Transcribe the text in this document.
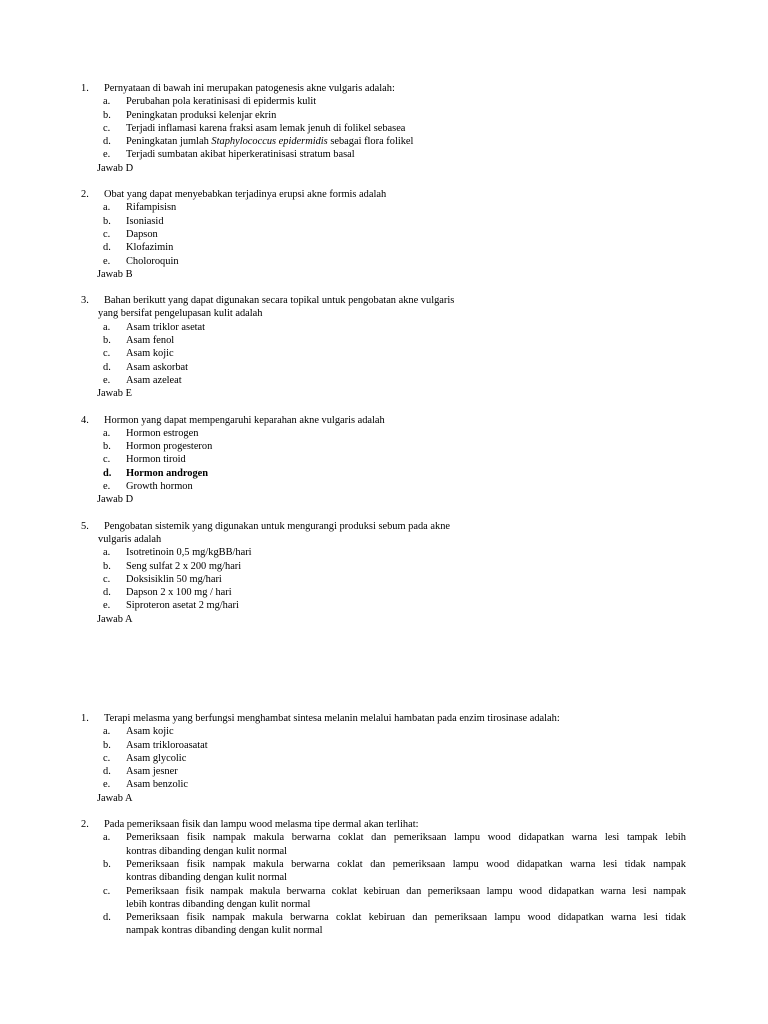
1. Pernyataan di bawah ini merupakan patogenesis akne vulgaris adalah:
a. Perubahan pola keratinisasi di epidermis kulit
b. Peningkatan produksi kelenjar ekrin
c. Terjadi inflamasi karena fraksi asam lemak jenuh di folikel sebasea
d. Peningkatan jumlah Staphylococcus epidermidis sebagai flora folikel
e. Terjadi sumbatan akibat hiperkeratinisasi stratum basal
Jawab D
2. Obat yang dapat menyebabkan terjadinya erupsi akne formis adalah
a. Rifampisisn
b. Isoniasid
c. Dapson
d. Klofazimin
e. Choloroquin
Jawab B
3. Bahan berikutt yang dapat digunakan secara topikal untuk pengobatan akne vulgaris
yang bersifat pengelupasan kulit adalah
a. Asam triklor asetat
b. Asam fenol
c. Asam kojic
d. Asam askorbat
e. Asam azeleat
Jawab E
4. Hormon yang dapat mempengaruhi keparahan akne vulgaris adalah
a. Hormon estrogen
b. Hormon progesteron
c. Hormon tiroid
d. Hormon androgen
e. Growth hormon
Jawab D
5. Pengobatan sistemik yang digunakan untuk mengurangi produksi sebum pada akne
vulgaris adalah
a. Isotretinoin 0,5 mg/kgBB/hari
b. Seng sulfat 2 x 200 mg/hari
c. Doksisiklin 50 mg/hari
d. Dapson 2 x 100 mg / hari
e. Siproteron asetat 2 mg/hari
Jawab A
1. Terapi melasma yang berfungsi menghambat sintesa melanin melalui hambatan pada enzim tirosinase adalah:
a. Asam kojic
b. Asam trikloroasatat
c. Asam glycolic
d. Asam jesner
e. Asam benzolic
Jawab A
2. Pada pemeriksaan fisik dan lampu wood melasma tipe dermal akan terlihat:
a. Pemeriksaan fisik nampak makula berwarna coklat dan pemeriksaan lampu wood didapatkan warna lesi tampak lebih
kontras dibanding dengan kulit normal
b. Pemeriksaan fisik nampak makula berwarna coklat dan pemeriksaan lampu wood didapatkan warna lesi tidak nampak
kontras dibanding dengan kulit normal
c. Pemeriksaan fisik nampak makula berwarna coklat kebiruan dan pemeriksaan lampu wood didapatkan warna lesi nampak
lebih kontras dibanding dengan kulit normal
d. Pemeriksaan fisik nampak makula berwarna coklat kebiruan dan pemeriksaan lampu wood didapatkan warna lesi tidak
nampak kontras dibanding dengan kulit normal
